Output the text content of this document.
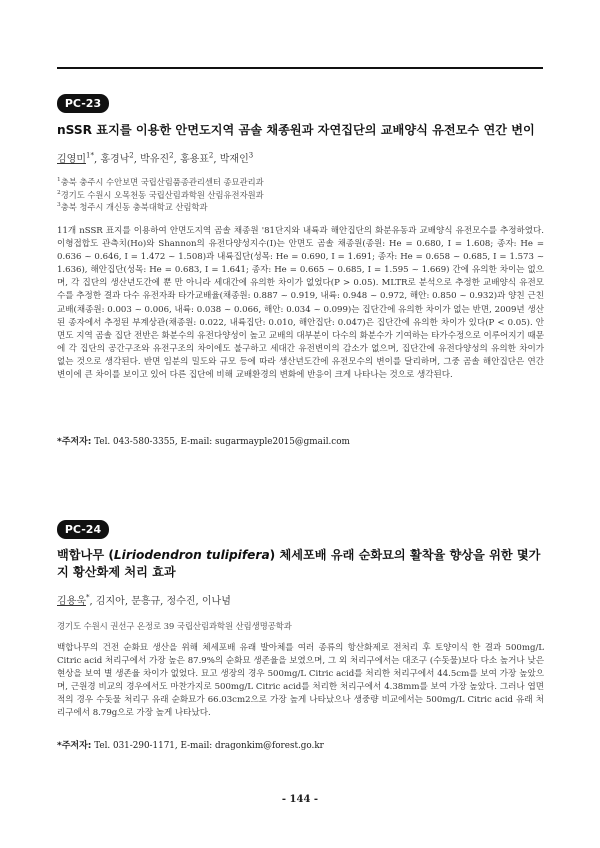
PC-23
nSSR 표지를 이용한 안면도지역 곰솔 채종원과 자연집단의 교배양식 유전모수 연간 변이
김영미$^{1*}$, 홍경낙$^2$, 박유진$^2$, 홍용표$^2$, 박재인$^3$
$^1$충북 충주시 수안보면 국립산림품종관리센터 종묘관리과
$^2$경기도 수원시 오목천동 국립산림과학원 산림유전자원과
$^3$충북 청주시 개신동 충북대학교 산림학과

11개 nSSR 표지를 이용하여 안면도지역 곰솔 채종원 '81단지와 내륙과 해안집단의 화분유동과 교배양식 유전모수를 추정하였다. 이형접합도 관측치(Ho)와 Shannon의 유전다양성지수(I)는 안면도 곰솔 채종원(종원: He = 0.680, I = 1.608; 종자: He = 0.636 ~ 0.646, I = 1.472 ~ 1.508)과 내륙집단(성목: He = 0.690, I = 1.691; 종자: He = 0.658 ~ 0.685, I = 1.573 ~ 1.636), 해안집단(성목: He = 0.683, I = 1.641; 종자: He = 0.665 ~ 0.685, I = 1.595 ~ 1.669) 간에 유의한 차이는 없으며, 각 집단의 생산년도간에 뿐 만 아니라 세대간에 유의한 차이가 없었다(P > 0.05). MLTR로 분석으로 추정한 교배양식 유전모수를 추정한 결과 다수 유전자좌 타가교배율(채종원: 0.887 ~ 0.919, 내륙: 0.948 ~ 0.972, 해안: 0.850 ~ 0.932)과 양친 근친교배(채종원: 0.003 ~ 0.006, 내륙: 0.038 ~ 0.066, 해안: 0.034 ~ 0.099)는 집단간에 유의한 차이가 없는 반면, 2009년 생산된 종자에서 추정된 부계상관(채종원: 0.022, 내륙집단: 0.010, 해안집단: 0.047)은 집단간에 유의한 차이가 있다(P < 0.05). 안면도 지역 곰솔 집단 전반은 화분수의 유전다양성이 높고 교배의 대부분이 다수의 화분수가 기여하는 타가수정으로 이루어지기 때문에 각 집단의 공간구조와 유전구조의 차이에도 불구하고 세대간 유전변이의 감소가 없으며, 집단간에 유전다양성의 유의한 차이가 없는 것으로 생각된다. 반면 임분의 밀도와 규모 등에 따라 생산년도간에 유전모수의 변이를 달리하며, 그중 곰솔 해안집단은 연간 변이에 큰 차이를 보이고 있어 다른 집단에 비해 교배환경의 변화에 반응이 크게 나타나는 것으로 생각된다.

*주저자: Tel. 043-580-3355, E-mail: sugarmayple2015@gmail.com
PC-24
백합나무 (Liriodendron tulipifera) 체세포배 유래 순화묘의 활착율 향상을 위한 몇가지 황산화제 처리 효과
김용욱*, 김지아, 문흥규, 정수진, 이나념
경기도 수원시 권선구 온정로 39 국립산림과학원 산림생명공학과

백합나무의 건전 순화묘 생산을 위해 체세포배 유래 발아체를 여러 종류의 항산화제로 전처리 후 토양이식 한 결과 500mg/L Citric acid 처리구에서 가장 높은 87.9%의 순화묘 생존율을 보였으며, 그 외 처리구에서는 대조구 (수돗물)보다 다소 높거나 낮은 현상을 보여 별 생존율 차이가 없었다. 묘고 생장의 경우 500mg/L Citric acid를 처리한 처리구에서 44.5cm를 보여 가장 높았으며, 근원경 비교의 경우에서도 마찬가지로 500mg/L Citric acid를 처리한 처리구에서 4.38mm를 보여 가장 높았다. 그러나 엽면적의 경우 수돗물 처리구 유래 순화묘가 66.03cm2으로 가장 높게 나타났으나 생중량 비교에서는 500mg/L Citric acid 유래 처리구에서 8.79g으로 가장 높게 나타났다.

*주저자: Tel. 031-290-1171, E-mail: dragonkim@forest.go.kr
- 144 -
